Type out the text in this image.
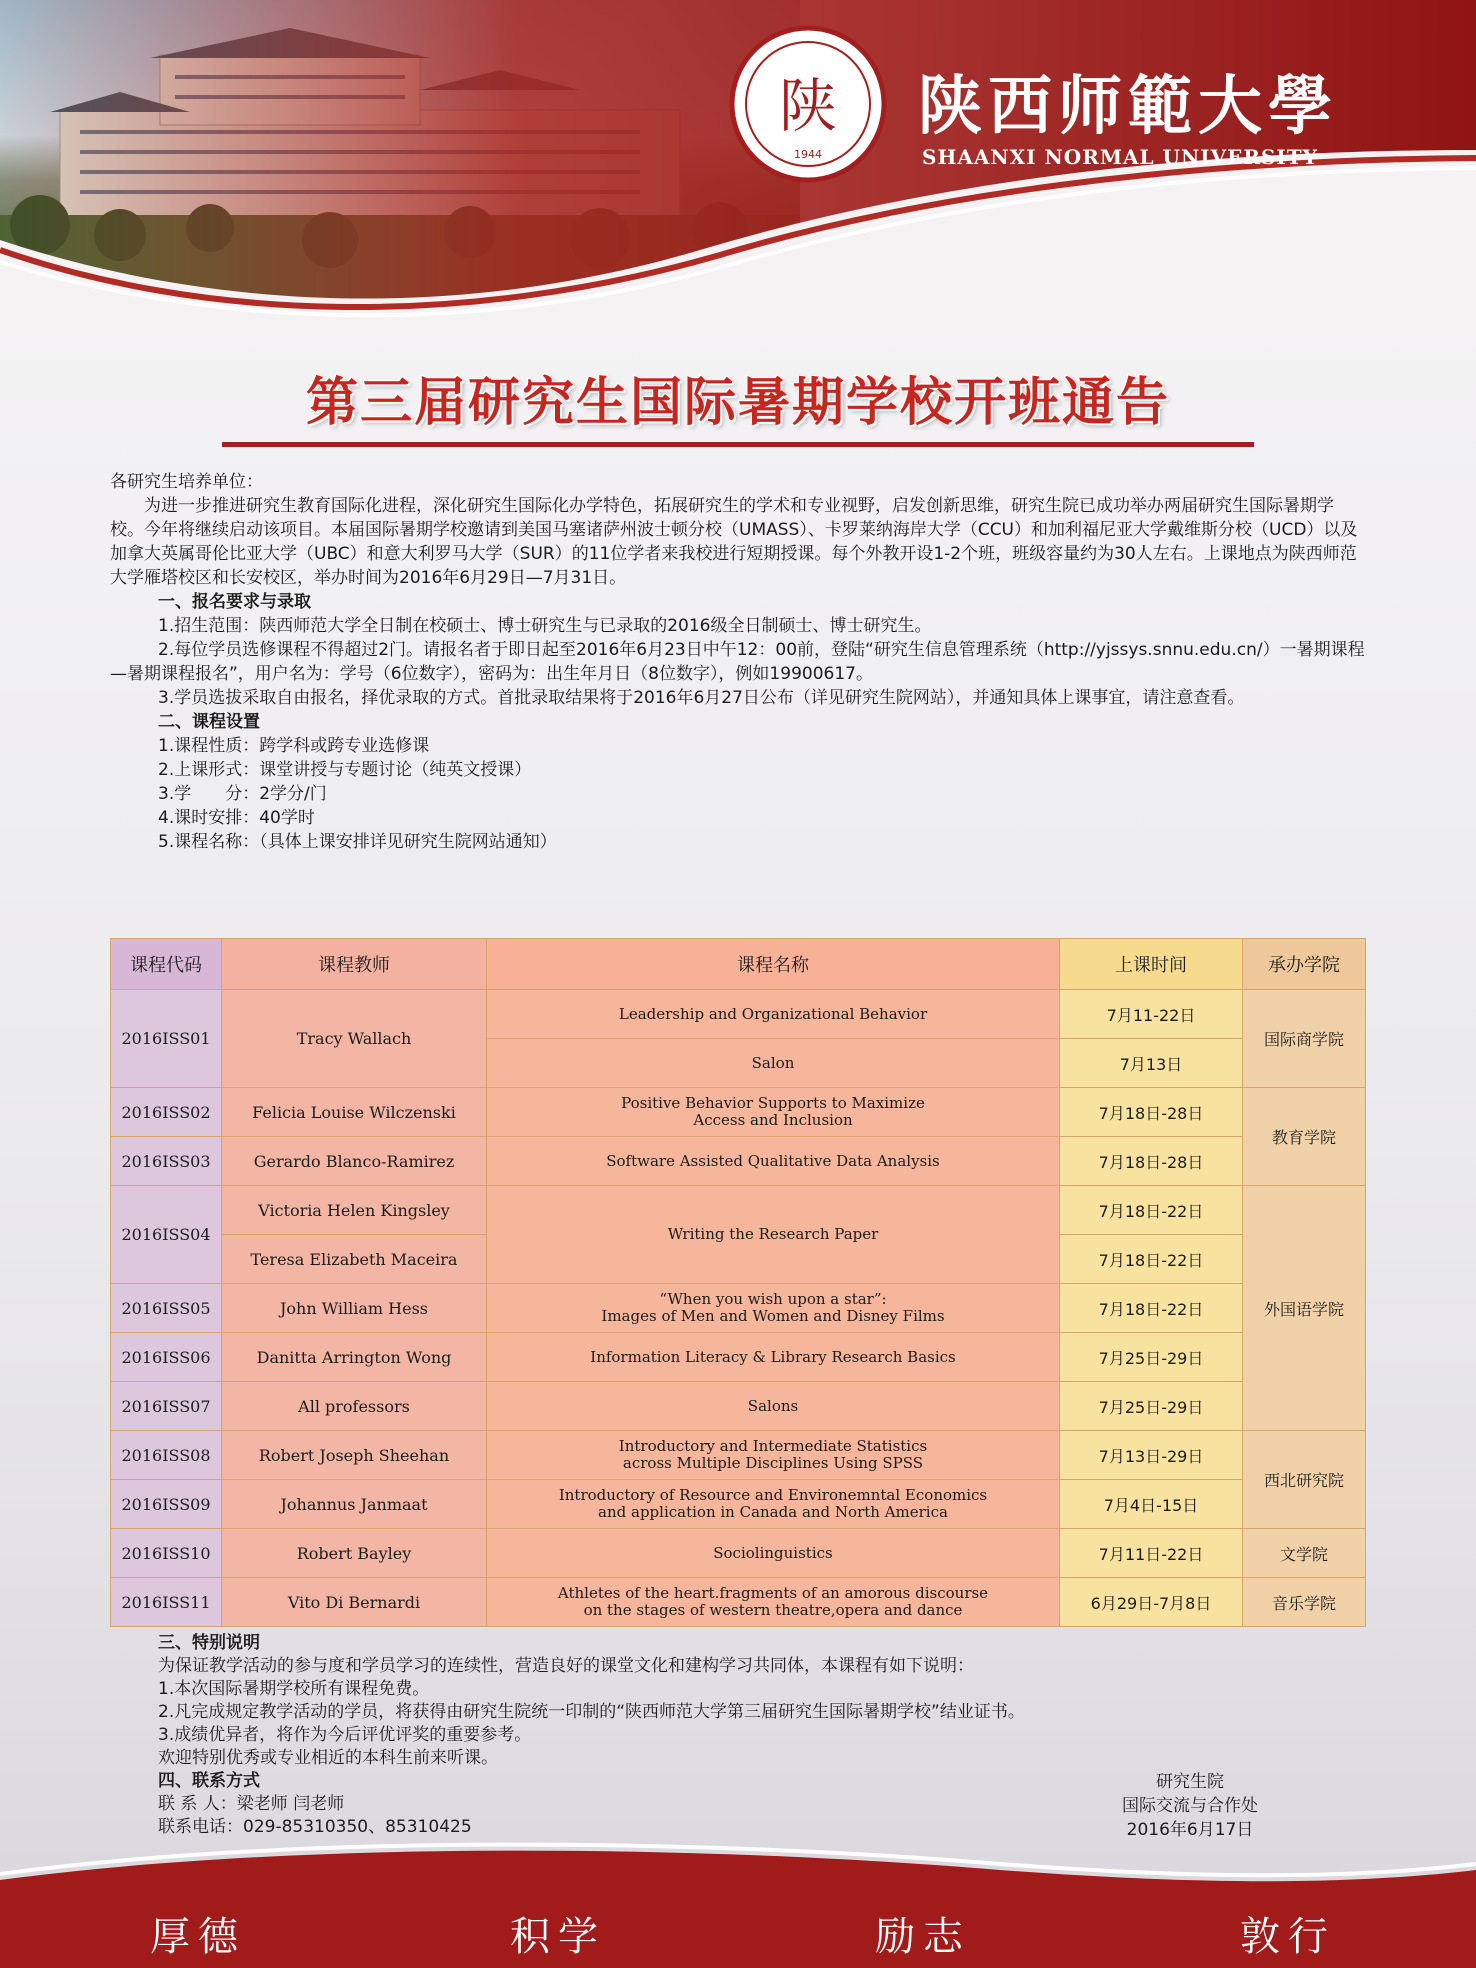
陕
1944
陕西师範大學
SHAANXI NORMAL UNIVERSITY
第三届研究生国际暑期学校开班通告

各研究生培养单位：

为进一步推进研究生教育国际化进程，深化研究生国际化办学特色，拓展研究生的学术和专业视野，启发创新思维，研究生院已成功举办两届研究生国际暑期学校。今年将继续启动该项目。本届国际暑期学校邀请到美国马塞诸萨州波士顿分校（UMASS）、卡罗莱纳海岸大学（CCU）和加利福尼亚大学戴维斯分校（UCD）以及加拿大英属哥伦比亚大学（UBC）和意大利罗马大学（SUR）的11位学者来我校进行短期授课。每个外教开设1-2个班，班级容量约为30人左右。上课地点为陕西师范大学雁塔校区和长安校区，举办时间为2016年6月29日—7月31日。

一、报名要求与录取

1.招生范围：陕西师范大学全日制在校硕士、博士研究生与已录取的2016级全日制硕士、博士研究生。

2.每位学员选修课程不得超过2门。请报名者于即日起至2016年6月23日中午12：00前，登陆“研究生信息管理系统（http://yjssys.snnu.edu.cn/）一暑期课程—暑期课程报名”，用户名为：学号（6位数字），密码为：出生年月日（8位数字），例如19900617。

3.学员选拔采取自由报名，择优录取的方式。首批录取结果将于2016年6月27日公布（详见研究生院网站），并通知具体上课事宜，请注意查看。

二、课程设置

1.课程性质：跨学科或跨专业选修课

2.上课形式：课堂讲授与专题讨论（纯英文授课）

3.学　　分：2学分/门

4.课时安排：40学时

5.课程名称：（具体上课安排详见研究生院网站通知）

课程代码	课程教师	课程名称	上课时间	承办学院
2016ISS01	Tracy Wallach	Leadership and Organizational Behavior	7月11-22日	国际商学院
		Salon	7月13日	
2016ISS02	Felicia Louise Wilczenski	Positive Behavior Supports to Maximize
Access and Inclusion	7月18日-28日	教育学院
2016ISS03	Gerardo Blanco-Ramirez	Software Assisted Qualitative Data Analysis	7月18日-28日	
2016ISS04	Victoria Helen Kingsley	Writing the Research Paper	7月18日-22日	外国语学院
	Teresa Elizabeth Maceira		7月18日-22日	
2016ISS05	John William Hess	“When you wish upon a star”:
Images of Men and Women and Disney Films	7月18日-22日	
2016ISS06	Danitta Arrington Wong	Information Literacy & Library Research Basics	7月25日-29日	
2016ISS07	All professors	Salons	7月25日-29日	
2016ISS08	Robert Joseph Sheehan	Introductory and Intermediate Statistics
across Multiple Disciplines Using SPSS	7月13日-29日	西北研究院
2016ISS09	Johannus Janmaat	Introductory of Resource and Environemntal Economics
and application in Canada and North America	7月4日-15日	
2016ISS10	Robert Bayley	Sociolinguistics	7月11日-22日	文学院
2016ISS11	Vito Di Bernardi	Athletes of the heart.fragments of an amorous discourse
on the stages of western theatre,opera and dance	6月29日-7月8日	音乐学院

三、特别说明

为保证教学活动的参与度和学员学习的连续性，营造良好的课堂文化和建构学习共同体，本课程有如下说明：

1.本次国际暑期学校所有课程免费。

2.凡完成规定教学活动的学员，将获得由研究生院统一印制的“陕西师范大学第三届研究生国际暑期学校”结业证书。

3.成绩优异者，将作为今后评优评奖的重要参考。

欢迎特别优秀或专业相近的本科生前来听课。

四、联系方式

联 系 人：梁老师 闫老师

联系电话：029-85310350、85310425

研究生院
国际交流与合作处
2016年6月17日
厚德	积学	励志	敦行
